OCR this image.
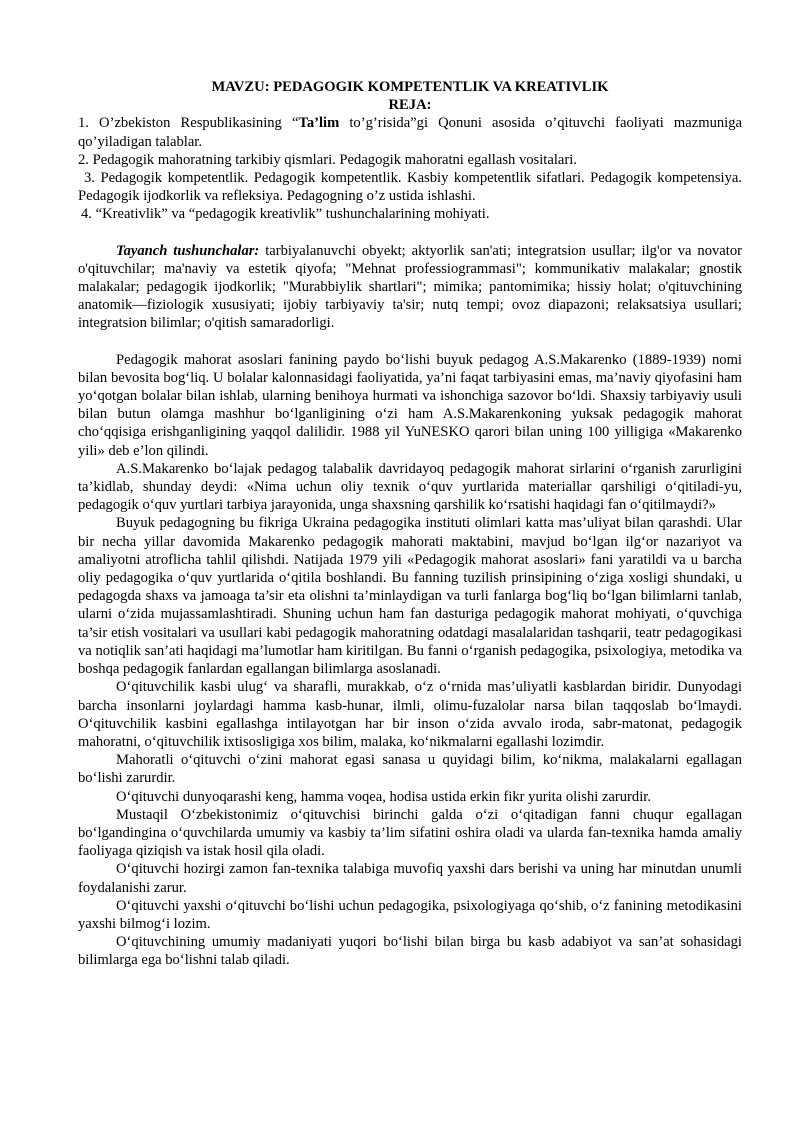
MAVZU: PEDAGOGIK KOMPETENTLIK VA KREATIVLIK
REJA:
1. O’zbekiston Respublikasining “Ta’lim to’g’risida”gi Qonuni asosida o’qituvchi faoliyati mazmuniga qo’yiladigan talablar.
2. Pedagogik mahoratning tarkibiy qismlari. Pedagogik mahoratni egallash vositalari.
3. Pedagogik kompetentlik. Pedagogik kompetentlik. Kasbiy kompetentlik sifatlari. Pedagogik kompetensiya. Pedagogik ijodkorlik va refleksiya. Pedagogning o’z ustida ishlashi.
4. “Kreativlik” va “pedagogik kreativlik” tushunchalarining mohiyati.
Tayanch tushunchalar: tarbiyalanuvchi obyekt; aktyorlik san'ati; integratsion usullar; ilg'or va novator o'qituvchilar; ma'naviy va estetik qiyofa; "Mehnat professiogrammasi"; kommunikativ malakalar; gnostik malakalar; pedagogik ijodkorlik; "Murabbiylik shartlari"; mimika; pantomimika; hissiy holat; o'qituvchining anatomik—fiziologik xususiyati; ijobiy tarbiyaviy ta'sir; nutq tempi; ovoz diapazoni; relaksatsiya usullari; integratsion bilimlar; o'qitish samaradorligi.
Pedagogik mahorat asoslari fanining paydo bo‘lishi buyuk pedagog A.S.Makarenko (1889-1939) nomi bilan bevosita bog‘liq. U bolalar kalonnasidagi faoliyatida, ya’ni faqat tarbiyasini emas, ma’naviy qiyofasini ham yo‘qotgan bolalar bilan ishlab, ularning benihoya hurmati va ishonchiga sazovor bo‘ldi. Shaxsiy tarbiyaviy usuli bilan butun olamga mashhur bo‘lganligining o‘zi ham A.S.Makarenkoning yuksak pedagogik mahorat cho‘qqisiga erishganligining yaqqol dalilidir. 1988 yil YuNESKO qarori bilan uning 100 yilligiga «Makarenko yili» deb e’lon qilindi.
A.S.Makarenko bo‘lajak pedagog talabalik davridayoq pedagogik mahorat sirlarini o‘rganish zarurligini ta’kidlab, shunday deydi: «Nima uchun oliy texnik o‘quv yurtlarida materiallar qarshiligi o‘qitiladi-yu, pedagogik o‘quv yurtlari tarbiya jarayonida, unga shaxsning qarshilik ko‘rsatishi haqidagi fan o‘qitilmaydi?»
Buyuk pedagogning bu fikriga Ukraina pedagogika instituti olimlari katta mas’uliyat bilan qarashdi. Ular bir necha yillar davomida Makarenko pedagogik mahorati maktabini, mavjud bo‘lgan ilg‘or nazariyot va amaliyotni atroflicha tahlil qilishdi. Natijada 1979 yili «Pedagogik mahorat asoslari» fani yaratildi va u barcha oliy pedagogika o‘quv yurtlarida o‘qitila boshlandi. Bu fanning tuzilish prinsipining o‘ziga xosligi shundaki, u pedagogda shaxs va jamoaga ta’sir eta olishni ta’minlaydigan va turli fanlarga bog‘liq bo‘lgan bilimlarni tanlab, ularni o‘zida mujassamlashtiradi. Shuning uchun ham fan dasturiga pedagogik mahorat mohiyati, o‘quvchiga ta’sir etish vositalari va usullari kabi pedagogik mahoratning odatdagi masalalaridan tashqarii, teatr pedagogikasi va notiqlik san’ati haqidagi ma’lumotlar ham kiritilgan. Bu fanni o‘rganish pedagogika, psixologiya, metodika va boshqa pedagogik fanlardan egallangan bilimlarga asoslanadi.
O‘qituvchilik kasbi ulug‘ va sharafli, murakkab, o‘z o‘rnida mas’uliyatli kasblardan biridir. Dunyodagi barcha insonlarni joylardagi hamma kasb-hunar, ilmli, olimu-fuzalolar narsa bilan taqqoslab bo‘lmaydi. O‘qituvchilik kasbini egallashga intilayotgan har bir inson o‘zida avvalo iroda, sabr-matonat, pedagogik mahoratni, o‘qituvchilik ixtisosligiga xos bilim, malaka, ko‘nikmalarni egallashi lozimdir.
Mahoratli o‘qituvchi o‘zini mahorat egasi sanasa u quyidagi bilim, ko‘nikma, malakalarni egallagan bo‘lishi zarurdir.
O‘qituvchi dunyoqarashi keng, hamma voqea, hodisa ustida erkin fikr yurita olishi zarurdir.
Mustaqil O‘zbekistonimiz o‘qituvchisi birinchi galda o‘zi o‘qitadigan fanni chuqur egallagan bo‘lgandingina o‘quvchilarda umumiy va kasbiy ta’lim sifatini oshira oladi va ularda fan-texnika hamda amaliy faoliyaga qiziqish va istak hosil qila oladi.
O‘qituvchi hozirgi zamon fan-texnika talabiga muvofiq yaxshi dars berishi va uning har minutdan unumli foydalanishi zarur.
O‘qituvchi yaxshi o‘qituvchi bo‘lishi uchun pedagogika, psixologiyaga qo‘shib, o‘z fanining metodikasini yaxshi bilmog‘i lozim.
O‘qituvchining umumiy madaniyati yuqori bo‘lishi bilan birga bu kasb adabiyot va san’at sohasidagi bilimlarga ega bo‘lishni talab qiladi.
